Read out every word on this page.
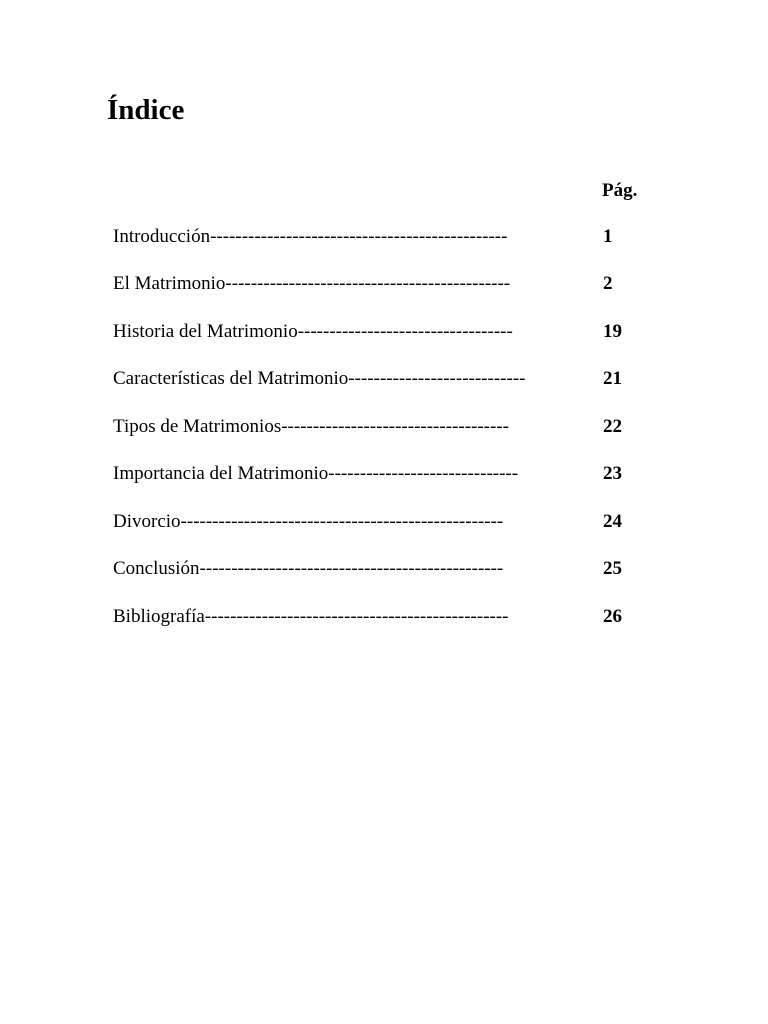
Índice
Pág.
Introducción-----------------------------------------------	1
El Matrimonio---------------------------------------------	2
Historia del Matrimonio----------------------------------	19
Características del Matrimonio----------------------------	21
Tipos de Matrimonios------------------------------------	22
Importancia del Matrimonio------------------------------	23
Divorcio---------------------------------------------------	24
Conclusión------------------------------------------------	25
Bibliografía------------------------------------------------	26
